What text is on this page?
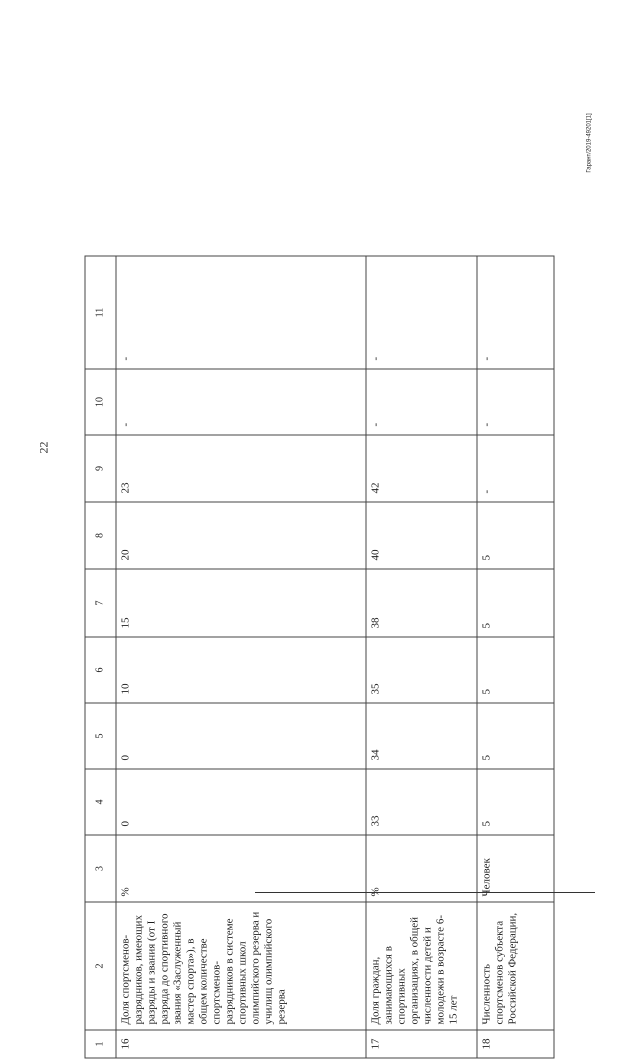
22
Гарант/2019-49201[1]
1	2	3	4	5	6	7	8	9	10	11
16	Доля спортсменов-разрядников, имеющих разряды и звания (от I разряда до спортивного звания «Заслуженный мастер спорта»), в общем количестве спортсменов-разрядников в системе спортивных школ олимпийского резерва и училищ олимпийского резерва	%	0	0	10	15	20	23	-	-
17	Доля граждан, занимающихся в спортивных организациях, в общей численности детей и молодежи в возрасте 6-15 лет	%	33	34	35	38	40	42	-	-
18	Численность спортсменов субъекта Российской Федерации,	Человек	5	5	5	5	5	-	-	-
